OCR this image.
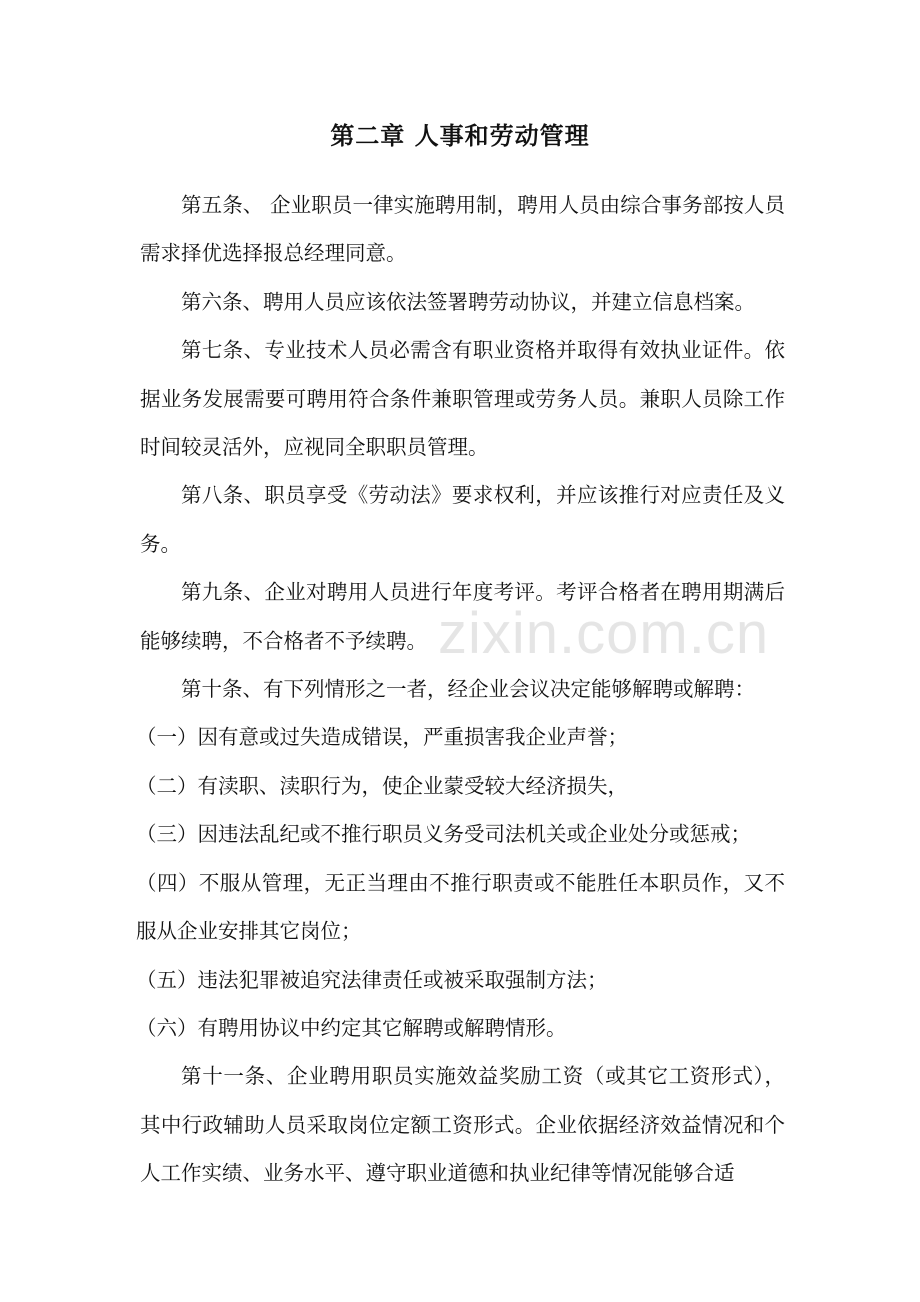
第二章 人事和劳动管理

第五条、 企业职员一律实施聘用制，聘用人员由综合事务部按人员需求择优选择报总经理同意。

第六条、聘用人员应该依法签署聘劳动协议，并建立信息档案。

第七条、专业技术人员必需含有职业资格并取得有效执业证件。依据业务发展需要可聘用符合条件兼职管理或劳务人员。兼职人员除工作时间较灵活外，应视同全职职员管理。

第八条、职员享受《劳动法》要求权利，并应该推行对应责任及义务。

第九条、企业对聘用人员进行年度考评。考评合格者在聘用期满后能够续聘，不合格者不予续聘。

第十条、有下列情形之一者，经企业会议决定能够解聘或解聘：

（一）因有意或过失造成错误，严重损害我企业声誉；

（二）有渎职、渎职行为，使企业蒙受较大经济损失，

（三）因违法乱纪或不推行职员义务受司法机关或企业处分或惩戒；

（四）不服从管理，无正当理由不推行职责或不能胜任本职员作，又不服从企业安排其它岗位；

（五）违法犯罪被追究法律责任或被采取强制方法；

（六）有聘用协议中约定其它解聘或解聘情形。

第十一条、企业聘用职员实施效益奖励工资（或其它工资形式），其中行政辅助人员采取岗位定额工资形式。企业依据经济效益情况和个人工作实绩、业务水平、遵守职业道德和执业纪律等情况能够合适

zixin.com.cn
